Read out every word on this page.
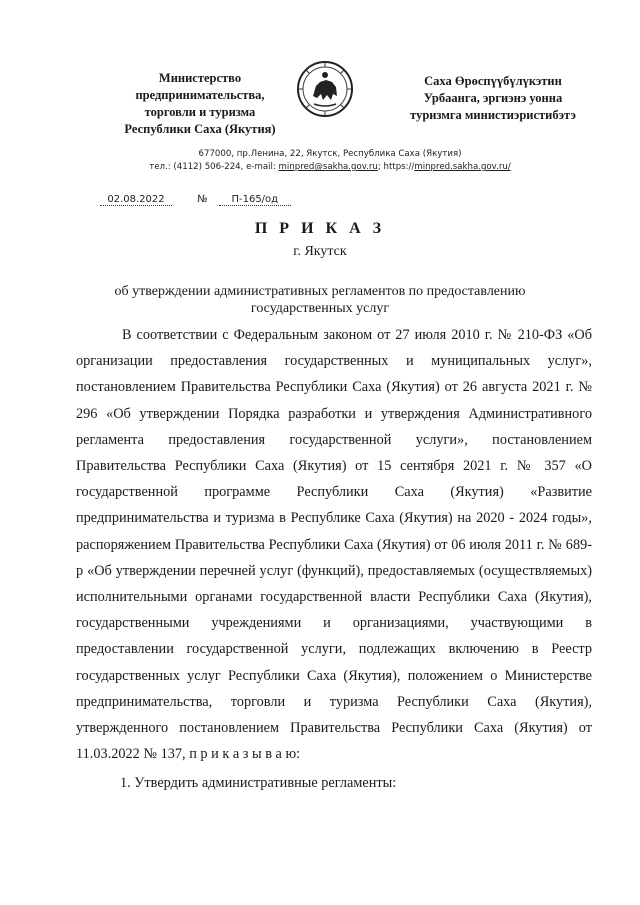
Министерство
предпринимательства,
торговли и туризма
Республики Саха (Якутия)
Саха Өрөспүүбүлүкэтин
Урбаанга, эргиэнэ уонна
туризмга министиэристибэтэ
677000, пр.Ленина, 22, Якутск, Республика Саха (Якутия)
тел.: (4112) 506-224, e-mail: minpred@sakha.gov.ru; https://minpred.sakha.gov.ru/
02.08.2022	№ П-165/од
П Р И К А З
г. Якутск
об утверждении административных регламентов по предоставлению государственных услуг

В соответствии с Федеральным законом от 27 июля 2010 г. № 210-ФЗ «Об организации предоставления государственных и муниципальных услуг», постановлением Правительства Республики Саха (Якутия) от 26 августа 2021 г. № 296 «Об утверждении Порядка разработки и утверждения Административного регламента предоставления государственной услуги», постановлением Правительства Республики Саха (Якутия) от 15 сентября 2021 г. № 357 «О государственной программе Республики Саха (Якутия) «Развитие предпринимательства и туризма в Республике Саха (Якутия) на 2020 - 2024 годы», распоряжением Правительства Республики Саха (Якутия) от 06 июля 2011 г. № 689-р «Об утверждении перечней услуг (функций), предоставляемых (осуществляемых) исполнительными органами государственной власти Республики Саха (Якутия), государственными учреждениями и организациями, участвующими в предоставлении государственной услуги, подлежащих включению в Реестр государственных услуг Республики Саха (Якутия), положением о Министерстве предпринимательства, торговли и туризма Республики Саха (Якутия), утвержденного постановлением Правительства Республики Саха (Якутия) от 11.03.2022 № 137, п р и к а з ы в а ю:

1. Утвердить административные регламенты:
